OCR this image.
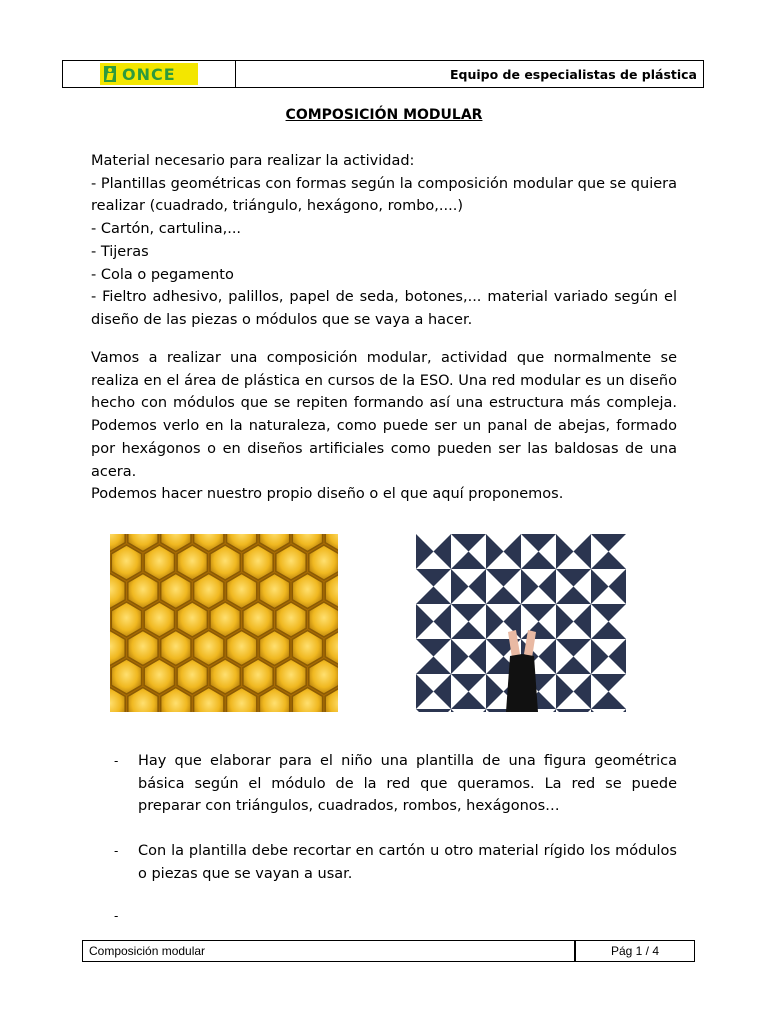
ONCE	Equipo de especialistas de plástica
COMPOSICIÓN MODULAR
Material necesario para realizar la actividad:
- Plantillas geométricas con formas según la composición modular que se quiera realizar (cuadrado, triángulo, hexágono, rombo,....)
- Cartón, cartulina,...
- Tijeras
- Cola o pegamento
- Fieltro adhesivo, palillos, papel de seda, botones,... material variado según el diseño de las piezas o módulos que se vaya a hacer.
Vamos a realizar una composición modular, actividad que normalmente se realiza en el área de plástica en cursos de la ESO. Una red modular es un diseño hecho con módulos que se repiten formando así una estructura más compleja. Podemos verlo en la naturaleza, como puede ser un panal de abejas, formado por hexágonos o en diseños artificiales como pueden ser las baldosas de una acera.
Podemos hacer nuestro propio diseño o el que aquí proponemos.
- Hay que elaborar para el niño una plantilla de una figura geométrica básica según el módulo de la red que queramos. La red se puede preparar con triángulos, cuadrados, rombos, hexágonos…
- Con la plantilla debe recortar en cartón u otro material rígido los módulos o piezas que se vayan a usar.
-
Composición modular	Pág 1 / 4
